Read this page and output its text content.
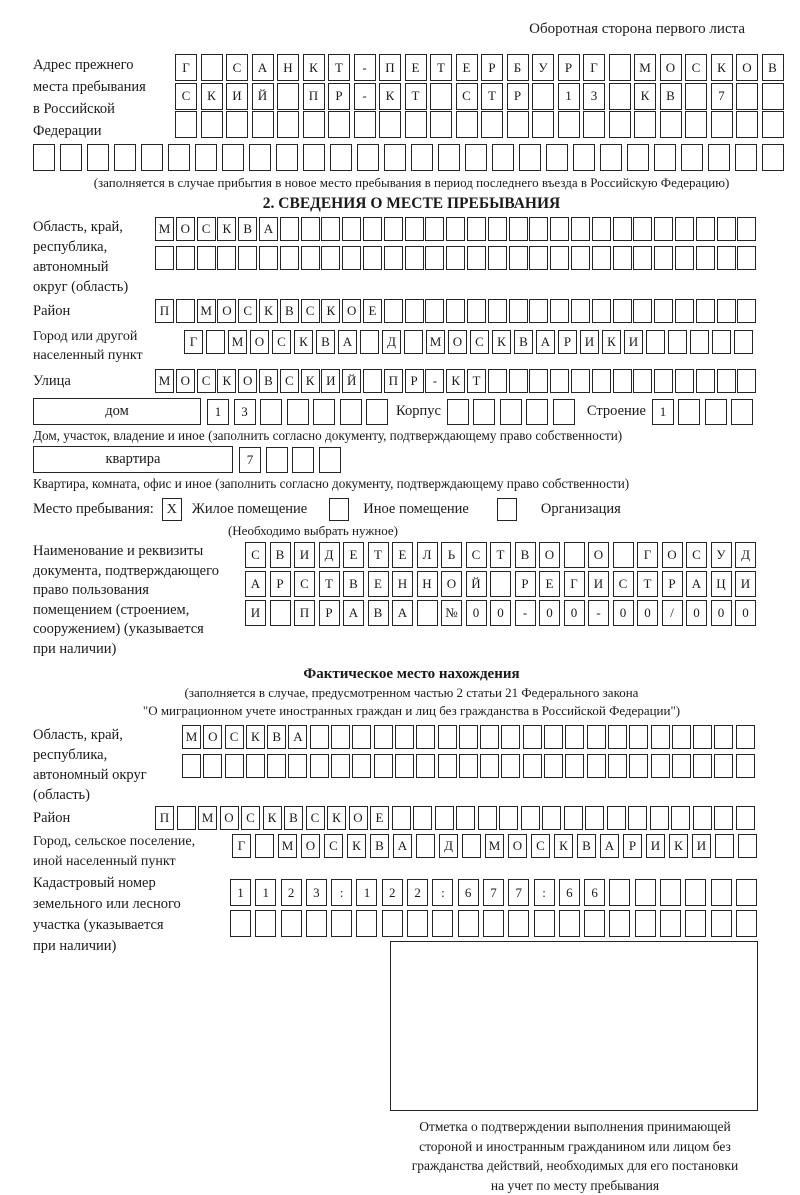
Оборотная сторона первого листа
Адрес прежнего
места пребывания
в Российской
Федерации
Г	С	А	Н	К	Т	-	П	Е	Т	Е	Р	Б	У	Р	Г	М	О	С	К	О	В
С	К	И	Й	П	Р	-	К	Т	С	Т	Р	1	3	К	В	7
(заполняется в случае прибытия в новое место пребывания в период последнего въезда в Российскую Федерацию)
2. СВЕДЕНИЯ О МЕСТЕ ПРЕБЫВАНИЯ
Область, край,
республика,
автономный
округ (область)
М О С К В А
Район	П	М О С К В С К О Е
Город или другой
населенный пункт
Г	М О С	К	В А	Д	М О С	К	В А	Р	И К И
Улица	М О С К О В С К И Й	П Р	-	К Т
дом	1	3	Корпус	Строение	1
Дом, участок, владение и иное (заполнить согласно документу, подтверждающему право собственности)
квартира	7
Квартира, комната, офис и иное (заполнить согласно документу, подтверждающему право собственности)
Место пребывания: X	Жилое помещение	Иное помещение	Организация
(Необходимо выбрать нужное)
Наименование и реквизиты
документа, подтверждающего
право пользования
помещением (строением,
сооружением) (указывается
при наличии)
С	В	И	Д	Е	Т	Е	Л	Ь	С	Т	В	О	О	Г	О	С	У	Д
А	Р	С	Т	В	Е	Н	Н	О	Й	Р	Е	Г	И	С	Т	Р	А	Ц	И
И	П	Р	А	В	А	№	0	0	-	0	0	-	0	0	/	0	0	0
Фактическое место нахождения
(заполняется в случае, предусмотренном частью 2 статьи 21 Федерального закона
"О миграционном учете иностранных граждан и лиц без гражданства в Российской Федерации")
Область, край,
республика,
автономный округ
(область)
М О С К В А
Район	П	М О С К В С К О Е
Город, сельское поселение,
иной населенный пункт
Г	М О	С	К	В	А	Д	М О	С	К	В	А	Р	И	К	И
Кадастровый номер
земельного или лесного
участка (указывается
при наличии)
1	1	2	3	:	1	2	2	:	6	7	7	:	6	6
Отметка о подтверждении выполнения принимающей
стороной и иностранным гражданином или лицом без
гражданства действий, необходимых для его постановки
на учет по месту пребывания
